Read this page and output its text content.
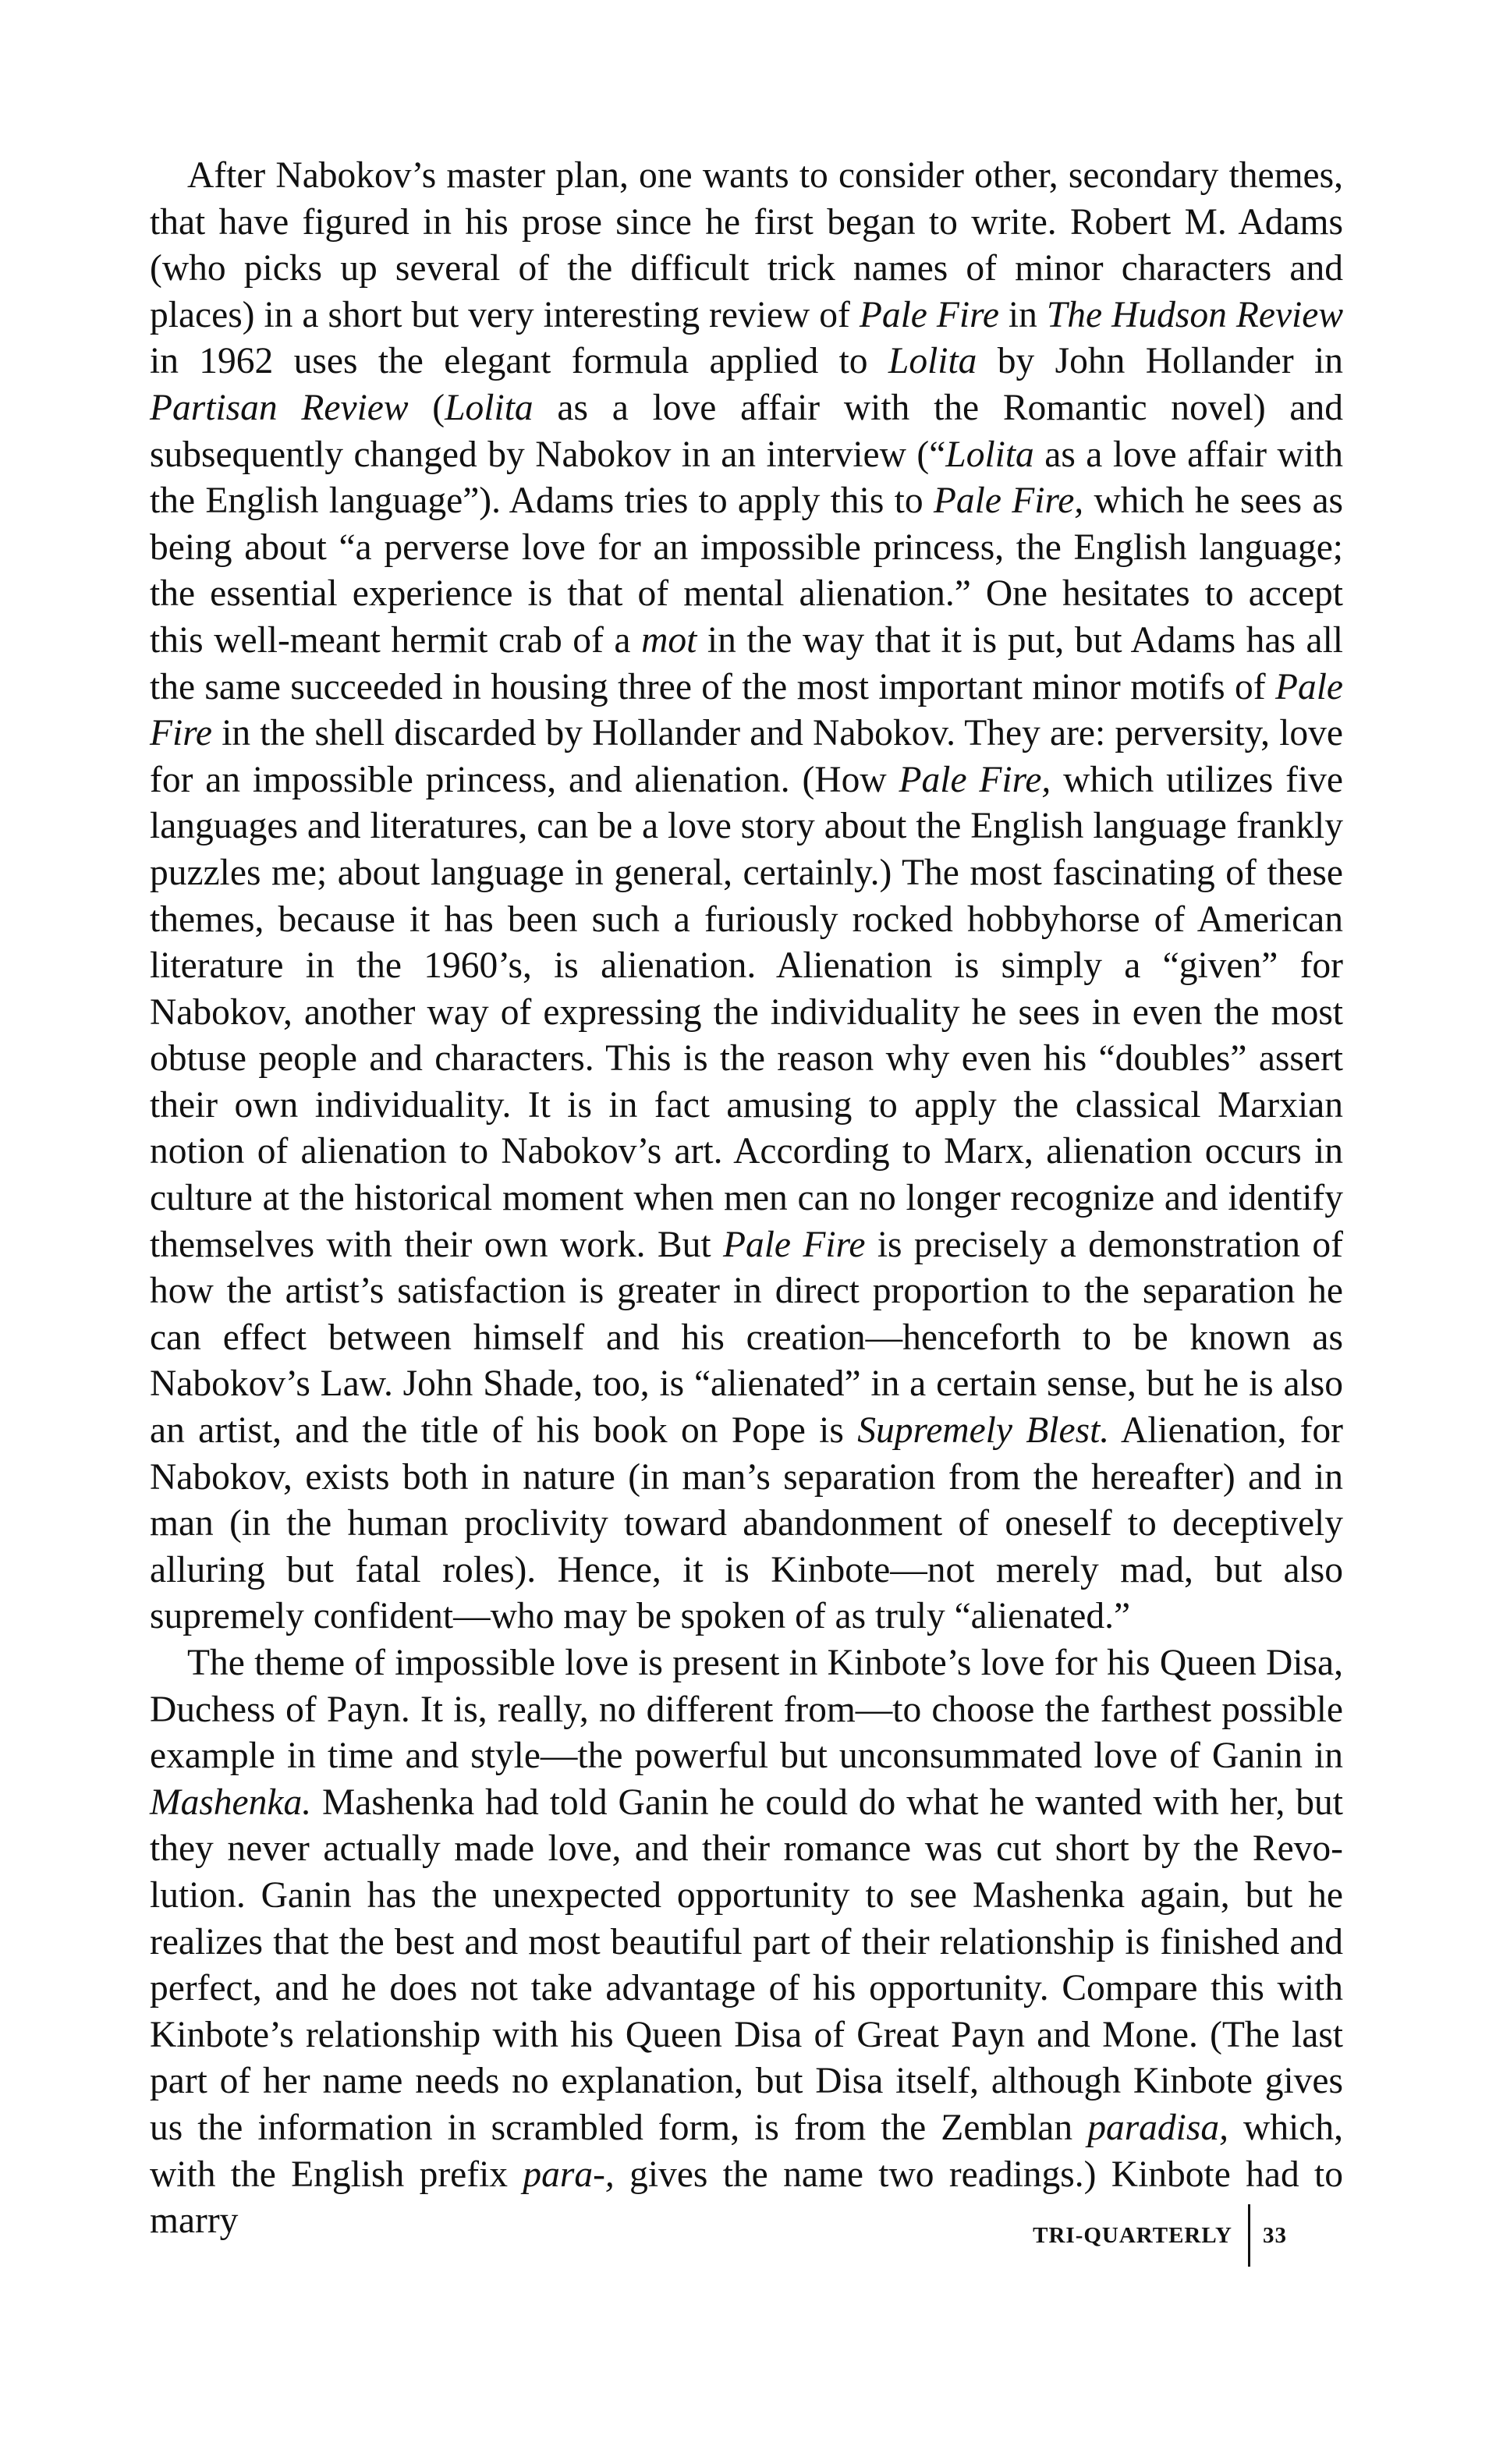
After Nabokov’s master plan, one wants to consider other, secondary themes, that have figured in his prose since he first began to write. Robert M. Adams (who picks up several of the difficult trick names of minor characters and places) in a short but very interesting review of Pale Fire in The Hudson Review in 1962 uses the elegant formula applied to Lolita by John Hollander in Partisan Review (Lolita as a love affair with the Romantic novel) and subsequently changed by Nabokov in an interview (“Lolita as a love affair with the English language”). Adams tries to apply this to Pale Fire, which he sees as being about “a perverse love for an impossible princess, the English language; the essential experience is that of mental alienation.” One hesitates to accept this well-meant hermit crab of a mot in the way that it is put, but Adams has all the same succeeded in housing three of the most important minor motifs of Pale Fire in the shell discarded by Hollander and Nabokov. They are: perversity, love for an impossible princess, and alienation. (How Pale Fire, which utilizes five languages and literatures, can be a love story about the English language frankly puzzles me; about language in general, certainly.) The most fascinating of these themes, because it has been such a furiously rocked hobbyhorse of American literature in the 1960’s, is alienation. Alienation is simply a “given” for Nabokov, another way of expressing the individuality he sees in even the most obtuse people and characters. This is the reason why even his “doubles” assert their own individuality. It is in fact amusing to apply the classical Marxian notion of alienation to Nabokov’s art. According to Marx, alienation occurs in culture at the historical moment when men can no longer recognize and identify themselves with their own work. But Pale Fire is precisely a demonstration of how the artist’s satisfaction is greater in direct proportion to the separation he can effect between himself and his creation—henceforth to be known as Nabokov’s Law. John Shade, too, is “alienated” in a certain sense, but he is also an artist, and the title of his book on Pope is Supremely Blest. Alienation, for Nabokov, exists both in nature (in man’s separation from the hereafter) and in man (in the human proclivity toward abandonment of oneself to deceptively alluring but fatal roles). Hence, it is Kinbote—not merely mad, but also supremely confident—who may be spoken of as truly “alienated.”

The theme of impossible love is present in Kinbote’s love for his Queen Disa, Duchess of Payn. It is, really, no different from—to choose the farthest possible example in time and style—the powerful but unconsummated love of Ganin in Mashenka. Mashenka had told Ganin he could do what he wanted with her, but they never actually made love, and their romance was cut short by the Revolution. Ganin has the unexpected opportunity to see Mashenka again, but he realizes that the best and most beautiful part of their relationship is finished and perfect, and he does not take advantage of his opportunity. Compare this with Kinbote’s relationship with his Queen Disa of Great Payn and Mone. (The last part of her name needs no explanation, but Disa itself, although Kinbote gives us the information in scrambled form, is from the Zemblan paradisa, which, with the English prefix para-, gives the name two readings.) Kinbote had to marry	TRI-QUARTERLY	33
